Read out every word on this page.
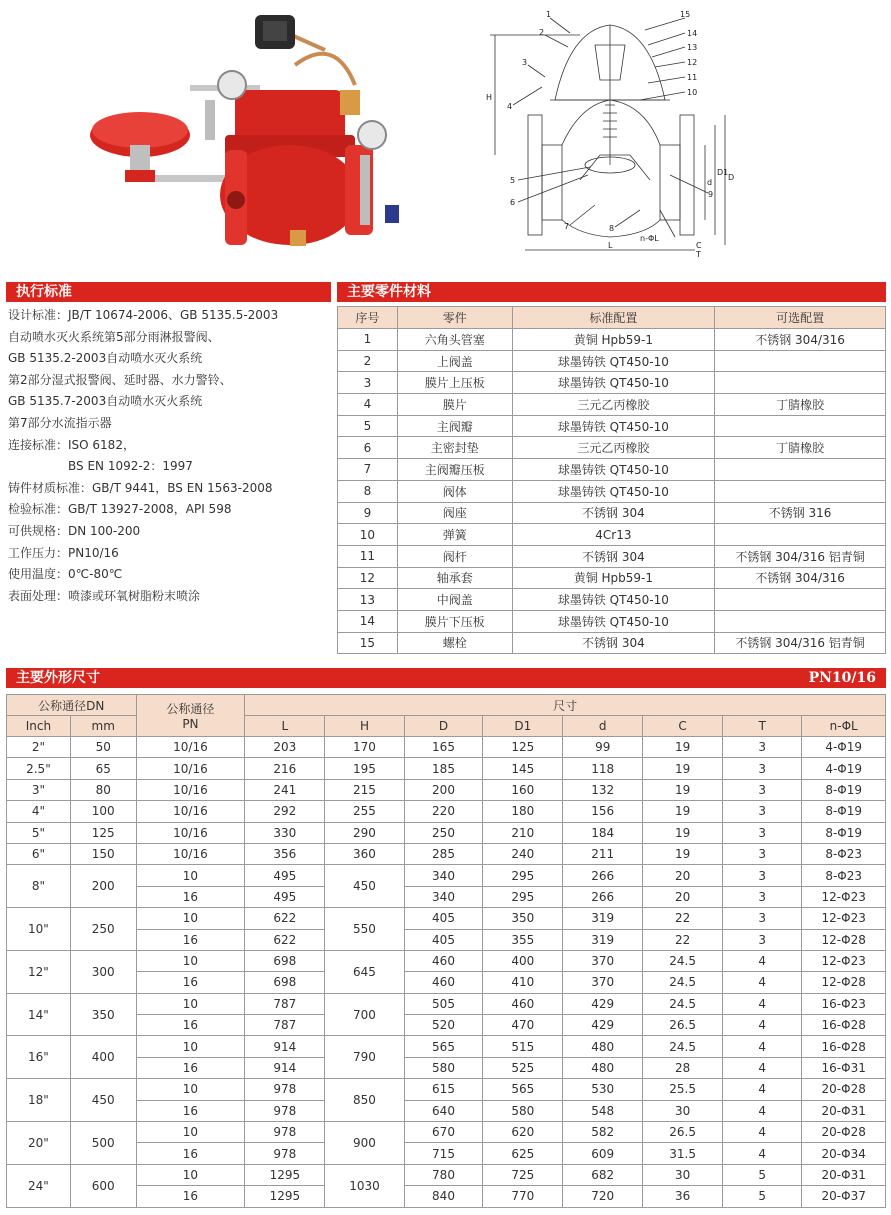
1
2
3
4
5
6
7	8
9
10
11
12
13
14
15
H
L
D
D1
d
n-ΦL
C
T
执行标准	主要零件材料
主要外形尺寸	PN10/16
设计标准：JB/T 10674-2006、GB 5135.5-2003
自动喷水灭火系统第5部分雨淋报警阀、
GB 5135.2-2003自动喷水灭火系统
第2部分湿式报警阀、延时器、水力警铃、
GB 5135.7-2003自动喷水灭火系统
第7部分水流指示器
连接标准：ISO 6182，
　　　　　BS EN 1092-2：1997
铸件材质标准：GB/T 9441，BS EN 1563-2008
检验标准：GB/T 13927-2008，API 598
可供规格：DN 100-200
工作压力：PN10/16
使用温度：0℃-80℃
表面处理：喷漆或环氧树脂粉末喷涂
序号	零件	标准配置	可选配置
1	六角头管塞	黄铜 Hpb59-1	不锈钢 304/316
2	上阀盖	球墨铸铁 QT450-10	
3	膜片上压板	球墨铸铁 QT450-10	
4	膜片	三元乙丙橡胶	丁腈橡胶
5	主阀瓣	球墨铸铁 QT450-10	
6	主密封垫	三元乙丙橡胶	丁腈橡胶
7	主阀瓣压板	球墨铸铁 QT450-10	
8	阀体	球墨铸铁 QT450-10	
9	阀座	不锈钢 304	不锈钢 316
10	弹簧	4Cr13	
11	阀杆	不锈钢 304	不锈钢 304/316 铝青铜
12	轴承套	黄铜 Hpb59-1	不锈钢 304/316
13	中阀盖	球墨铸铁 QT450-10	
14	膜片下压板	球墨铸铁 QT450-10	
15	螺栓	不锈钢 304	不锈钢 304/316 铝青铜
公称通径DN		公称通径
PN	尺寸							
Inch	mm		L	H	D	D1	d	C	T	n-ΦL
2"	50	10/16	203	170	165	125	99	19	3	4-Φ19
2.5"	65	10/16	216	195	185	145	118	19	3	4-Φ19
3"	80	10/16	241	215	200	160	132	19	3	8-Φ19
4"	100	10/16	292	255	220	180	156	19	3	8-Φ19
5"	125	10/16	330	290	250	210	184	19	3	8-Φ19
6"	150	10/16	356	360	285	240	211	19	3	8-Φ23
8"	200	10	495	450	340	295	266	20	3	8-Φ23
		16	495		340	295	266	20	3	12-Φ23
10"	250	10	622	550	405	350	319	22	3	12-Φ23
		16	622		405	355	319	22	3	12-Φ28
12"	300	10	698	645	460	400	370	24.5	4	12-Φ23
		16	698		460	410	370	24.5	4	12-Φ28
14"	350	10	787	700	505	460	429	24.5	4	16-Φ23
		16	787		520	470	429	26.5	4	16-Φ28
16"	400	10	914	790	565	515	480	24.5	4	16-Φ28
		16	914		580	525	480	28	4	16-Φ31
18"	450	10	978	850	615	565	530	25.5	4	20-Φ28
		16	978		640	580	548	30	4	20-Φ31
20"	500	10	978	900	670	620	582	26.5	4	20-Φ28
		16	978		715	625	609	31.5	4	20-Φ34
24"	600	10	1295	1030	780	725	682	30	5	20-Φ31
		16	1295		840	770	720	36	5	20-Φ37
